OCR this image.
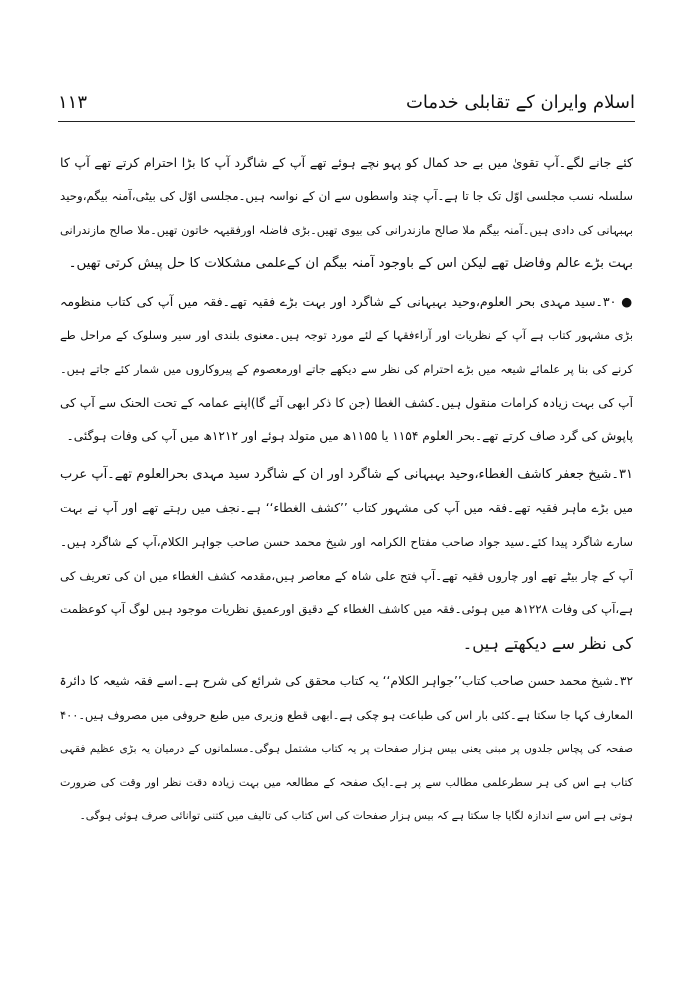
اسلام وایران کے تقابلی خدمات
۱۱۳
کئے جانے لگے۔آپ تقویٰ میں بے حد کمال کو پہو نچے ہوئے تھے آپ کے شاگرد آپ کا بڑا احترام کرتے تھے آپ کا
سلسلہ نسب مجلسی اوّل تک جا تا ہے۔آپ چند واسطوں سے ان کے نواسہ ہیں۔مجلسی اوّل کی بیٹی،آمنہ بیگم،وحید
بہبہانی کی دادی ہیں۔آمنہ بیگم ملا صالح مازندرانی کی بیوی تھیں۔بڑی فاضلہ اورفقیہہ خاتون تھیں۔ملا صالح مازندرانی
بہت بڑے عالم وفاضل تھے لیکن اس کے باوجود آمنہ بیگم ان کےعلمی مشکلات کا حل پیش کرتی تھیں۔
● ۳۰۔سید مہدی بحر العلوم،وحید بہبہانی کے شاگرد اور بہت بڑے فقیہ تھے۔فقہ میں آپ کی کتاب منظومہ
بڑی مشہور کتاب ہے آپ کے نظریات اور آراءفقہا کے لئے مورد توجہ ہیں۔معنوی بلندی اور سیر وسلوک کے مراحل طے
کرنے کی بنا پر علمائے شیعہ میں بڑے احترام کی نظر سے دیکھے جاتے اورمعصوم کے پیروکاروں میں شمار کئے جاتے ہیں۔
آپ کی بہت زیادہ کرامات منقول ہیں۔کشف الغطا (جن کا ذکر ابھی آئے گا)اپنے عمامہ کے تحت الحنک سے آپ کی
پاپوش کی گرد صاف کرتے تھے۔بحر العلوم ۱۱۵۴ یا ۱۱۵۵ھ میں متولد ہوئے اور ۱۲۱۲ھ میں آپ کی وفات ہوگئی۔
۳۱۔شیخ جعفر کاشف الغطاء،وحید بہبہانی کے شاگرد اور ان کے شاگرد سید مہدی بحرالعلوم تھے۔آپ عرب
میں بڑے ماہر فقیہ تھے۔فقہ میں آپ کی مشہور کتاب ’’کشف الغطاء‘‘ ہے۔نجف میں رہتے تھے اور آپ نے بہت
سارے شاگرد پیدا کئے۔سید جواد صاحب مفتاح الکرامہ اور شیخ محمد حسن صاحب جواہر الکلام،آپ کے شاگرد ہیں۔
آپ کے چار بیٹے تھے اور چاروں فقیہ تھے۔آپ فتح علی شاہ کے معاصر ہیں،مقدمہ کشف الغطاء میں ان کی تعریف کی
ہے،آپ کی وفات ۱۲۲۸ھ میں ہوئی۔فقہ میں کاشف الغطاء کے دقیق اورعمیق نظریات موجود ہیں لوگ آپ کوعظمت
کی نظر سے دیکھتے ہیں۔
۳۲۔شیخ محمد حسن صاحب کتاب’’جواہر الکلام‘‘ یہ کتاب محقق کی شرائع کی شرح ہے۔اسے فقہ شیعہ کا دائرۃ
المعارف کہا جا سکتا ہے۔کئی بار اس کی طباعت ہو چکی ہے۔ابھی قطع وزیری میں طبع حروفی میں مصروف ہیں۔۴۰۰
صفحہ کی پچاس جلدوں پر مبنی یعنی بیس ہزار صفحات پر یہ کتاب مشتمل ہوگی۔مسلمانوں کے درمیان یہ بڑی عظیم فقہی
کتاب ہے اس کی ہر سطرعلمی مطالب سے پر ہے۔ایک صفحہ کے مطالعہ میں بہت زیادہ دقت نظر اور وقت کی ضرورت
ہوتی ہے اس سے اندازہ لگایا جا سکتا ہے کہ بیس ہزار صفحات کی اس کتاب کی تالیف میں کتنی توانائی صرف ہوئی ہوگی۔
